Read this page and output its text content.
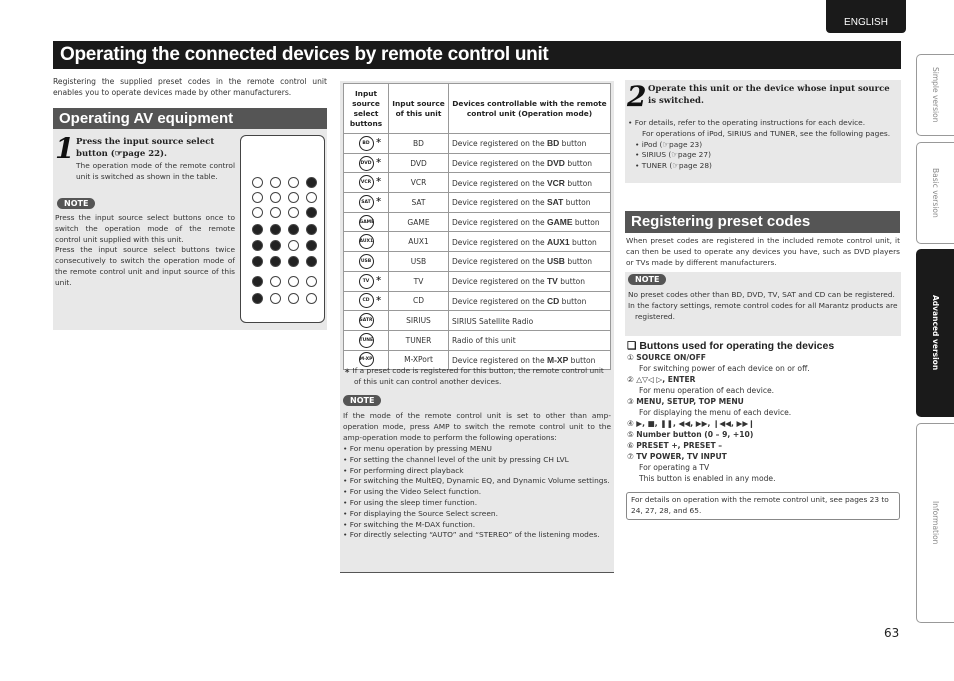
ENGLISH
Operating the connected devices by remote control unit
Registering the supplied preset codes in the remote control unit enables you to operate devices made by other manufacturers.
Operating AV equipment
1 Press the input source select button (☞page 22).
The operation mode of the remote control unit is switched as shown in the table.
NOTE
Press the input source select buttons once to switch the operation mode of the remote control unit supplied with this unit.
Press the input source select buttons twice consecutively to switch the operation mode of the remote control unit and input source of this unit.
Input source select buttons	Input source of this unit	Devices controllable with the remote control unit (Operation mode)
BD ∗	BD	Device registered on the BD button
DVD ∗	DVD	Device registered on the DVD button
VCR ∗	VCR	Device registered on the VCR button
SAT ∗	SAT	Device registered on the SAT button
GAME	GAME	Device registered on the GAME button
AUX1	AUX1	Device registered on the AUX1 button
USB	USB	Device registered on the USB button
TV ∗	TV	Device registered on the TV button
CD ∗	CD	Device registered on the CD button
SATR	SIRIUS	SIRIUS Satellite Radio
TUNE	TUNER	Radio of this unit
M-XP	M-XPort	Device registered on the M-XP button
∗ If a preset code is registered for this button, the remote control unit of this unit can control another devices.
NOTE
If the mode of the remote control unit is set to other than amp-operation mode, press AMP to switch the remote control unit to the amp-operation mode to perform the following operations:
• For menu operation by pressing MENU
• For setting the channel level of the unit by pressing CH LVL
• For performing direct playback
• For switching the MultEQ, Dynamic EQ, and Dynamic Volume settings.
• For using the Video Select function.
• For using the sleep timer function.
• For displaying the Source Select screen.
• For switching the M-DAX function.
• For directly selecting “AUTO” and “STEREO” of the listening modes.
2 Operate this unit or the device whose input source is switched.
• For details, refer to the operating instructions for each device.
For operations of iPod, SIRIUS and TUNER, see the following pages.
• iPod (☞page 23)
• SIRIUS (☞page 27)
• TUNER (☞page 28)
Registering preset codes
When preset codes are registered in the included remote control unit, it can then be used to operate any devices you have, such as DVD players or TVs made by different manufacturers.
NOTE
No preset codes other than BD, DVD, TV, SAT and CD can be registered.
In the factory settings, remote control codes for all Marantz products are registered.
❑ Buttons used for operating the devices
① SOURCE ON/OFF
For switching power of each device on or off.
② △▽◁ ▷, ENTER
For menu operation of each device.
③ MENU, SETUP, TOP MENU
For displaying the menu of each device.
④ ▶, ■, ❚❚, ◀◀, ▶▶, ❙◀◀, ▶▶❙
⑤ Number button (0 – 9, +10)
⑥ PRESET +, PRESET –
⑦ TV POWER, TV INPUT
For operating a TV
This button is enabled in any mode.
For details on operation with the remote control unit, see pages 23 to 24, 27, 28, and 65.
Simple version
Basic version
Advanced version
Information
63
